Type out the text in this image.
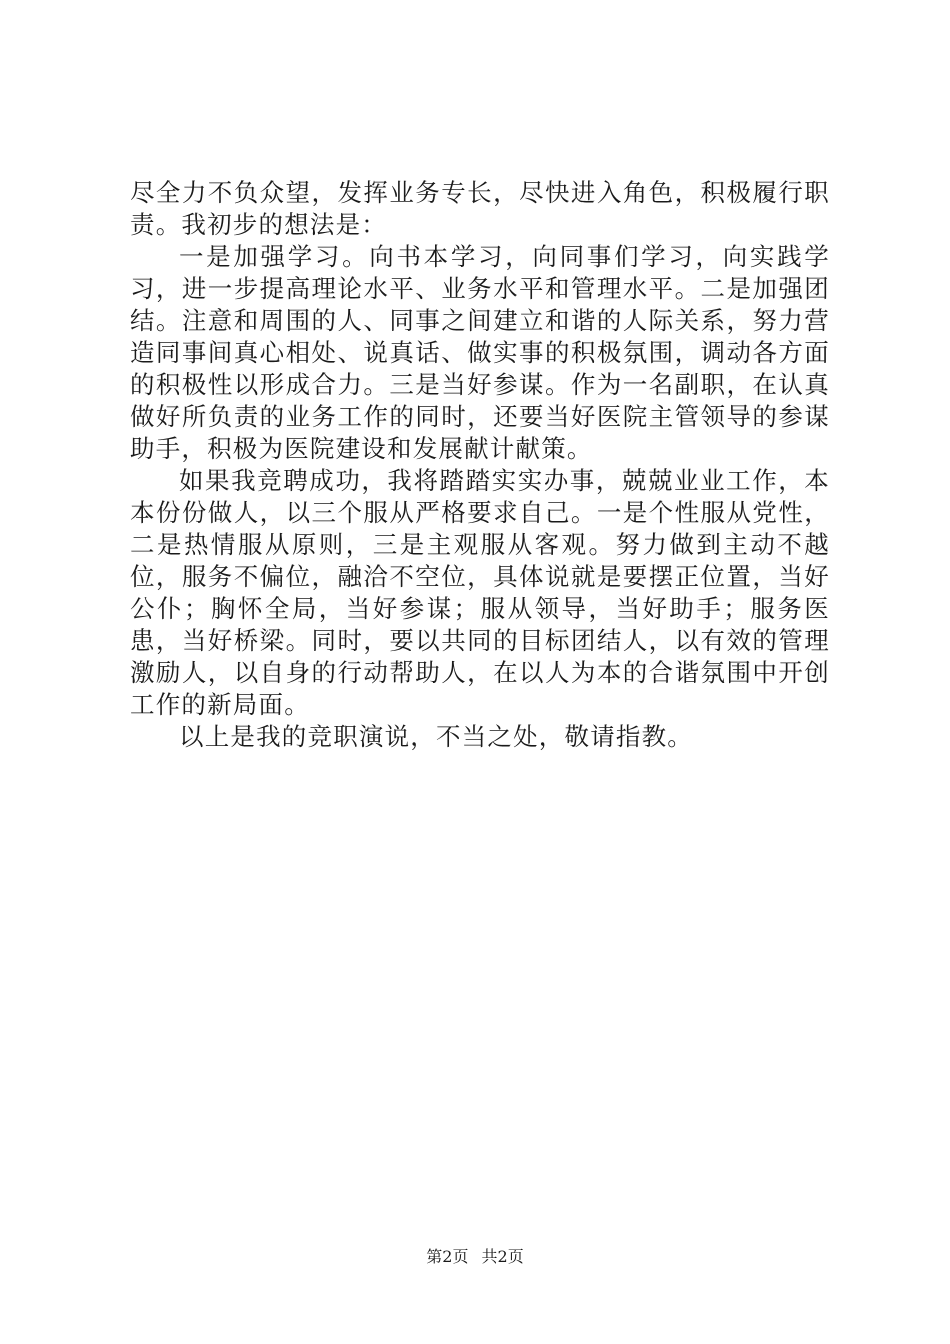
尽全力不负众望，发挥业务专长，尽快进入角色，积极履行职责。我初步的想法是：

一是加强学习。向书本学习，向同事们学习，向实践学习，进一步提高理论水平、业务水平和管理水平。二是加强团结。注意和周围的人、同事之间建立和谐的人际关系，努力营造同事间真心相处、说真话、做实事的积极氛围，调动各方面的积极性以形成合力。三是当好参谋。作为一名副职，在认真做好所负责的业务工作的同时，还要当好医院主管领导的参谋助手，积极为医院建设和发展献计献策。

如果我竞聘成功，我将踏踏实实办事，兢兢业业工作，本本份份做人，以三个服从严格要求自己。一是个性服从党性，二是热情服从原则，三是主观服从客观。努力做到主动不越位，服务不偏位，融洽不空位，具体说就是要摆正位置，当好公仆；胸怀全局，当好参谋；服从领导，当好助手；服务医患，当好桥梁。同时，要以共同的目标团结人，以有效的管理激励人，以自身的行动帮助人，在以人为本的合谐氛围中开创工作的新局面。

以上是我的竞职演说，不当之处，敬请指教。

第2页 共2页
